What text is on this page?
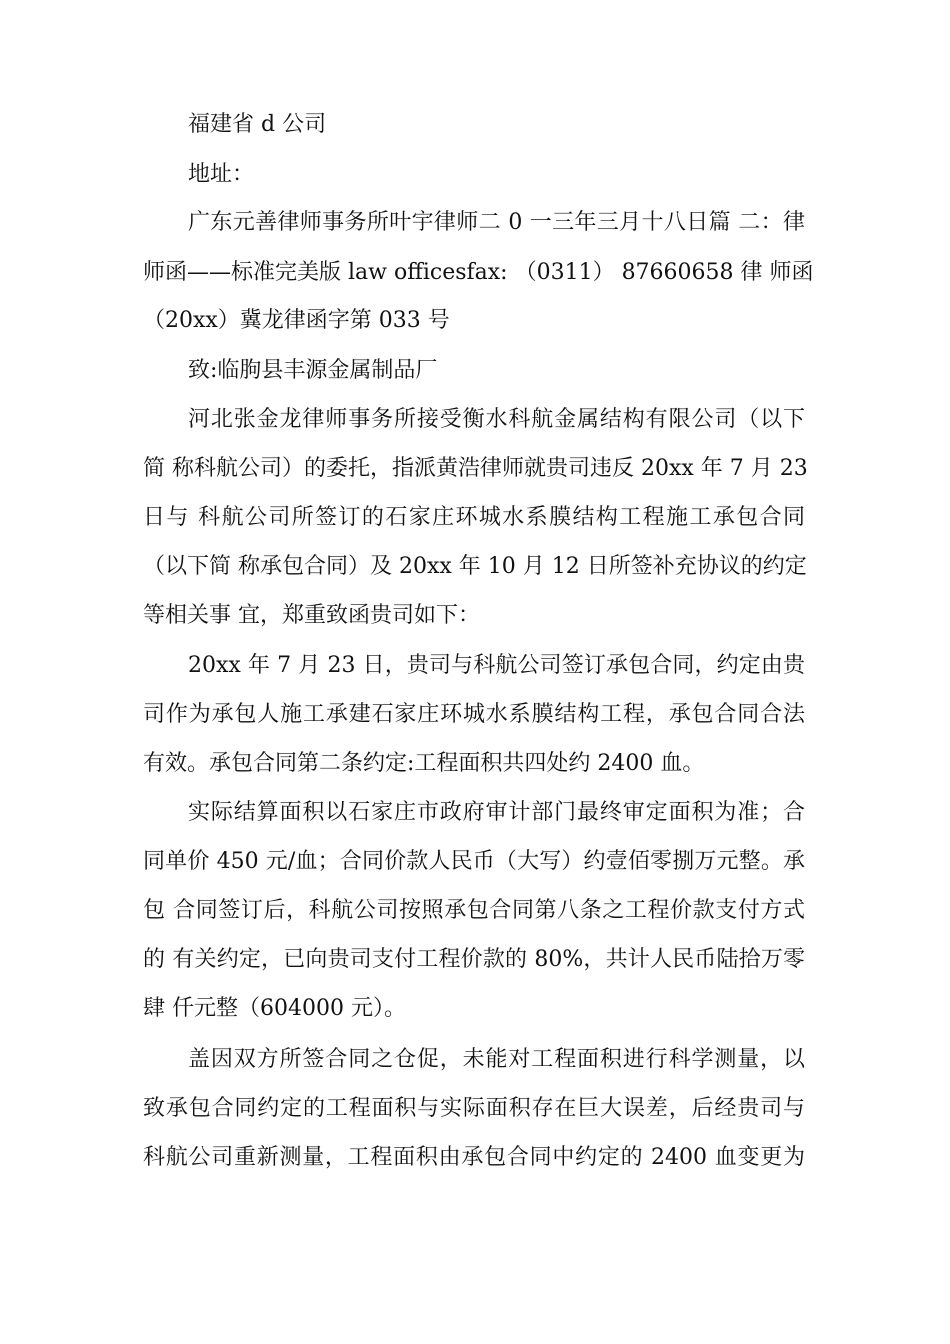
福建省 d 公司
地址：
广东元善律师事务所叶宇律师二 0 一三年三月十八日篇 二：律
师函——标准完美版 law officesfax: （0311） 87660658 律 师函
（20xx）冀龙律函字第 033 号
致:临朐县丰源金属制品厂
河北张金龙律师事务所接受衡水科航金属结构有限公司（以下
简 称科航公司）的委托，指派黄浩律师就贵司违反 20xx 年 7 月 23
日与 科航公司所签订的石家庄环城水系膜结构工程施工承包合同
（以下简 称承包合同）及 20xx 年 10 月 12 日所签补充协议的约定
等相关事 宜，郑重致函贵司如下：
20xx 年 7 月 23 日，贵司与科航公司签订承包合同，约定由贵
司作为承包人施工承建石家庄环城水系膜结构工程，承包合同合法
有效。承包合同第二条约定:工程面积共四处约 2400 血。
实际结算面积以石家庄市政府审计部门最终审定面积为准；合
同单价 450 元/血；合同价款人民币（大写）约壹佰零捌万元整。承
包 合同签订后，科航公司按照承包合同第八条之工程价款支付方式
的 有关约定，已向贵司支付工程价款的 80%，共计人民币陆拾万零
肆 仟元整（604000 元）。
盖因双方所签合同之仓促，未能对工程面积进行科学测量，以
致承包合同约定的工程面积与实际面积存在巨大误差，后经贵司与
科航公司重新测量，工程面积由承包合同中约定的 2400 血变更为
